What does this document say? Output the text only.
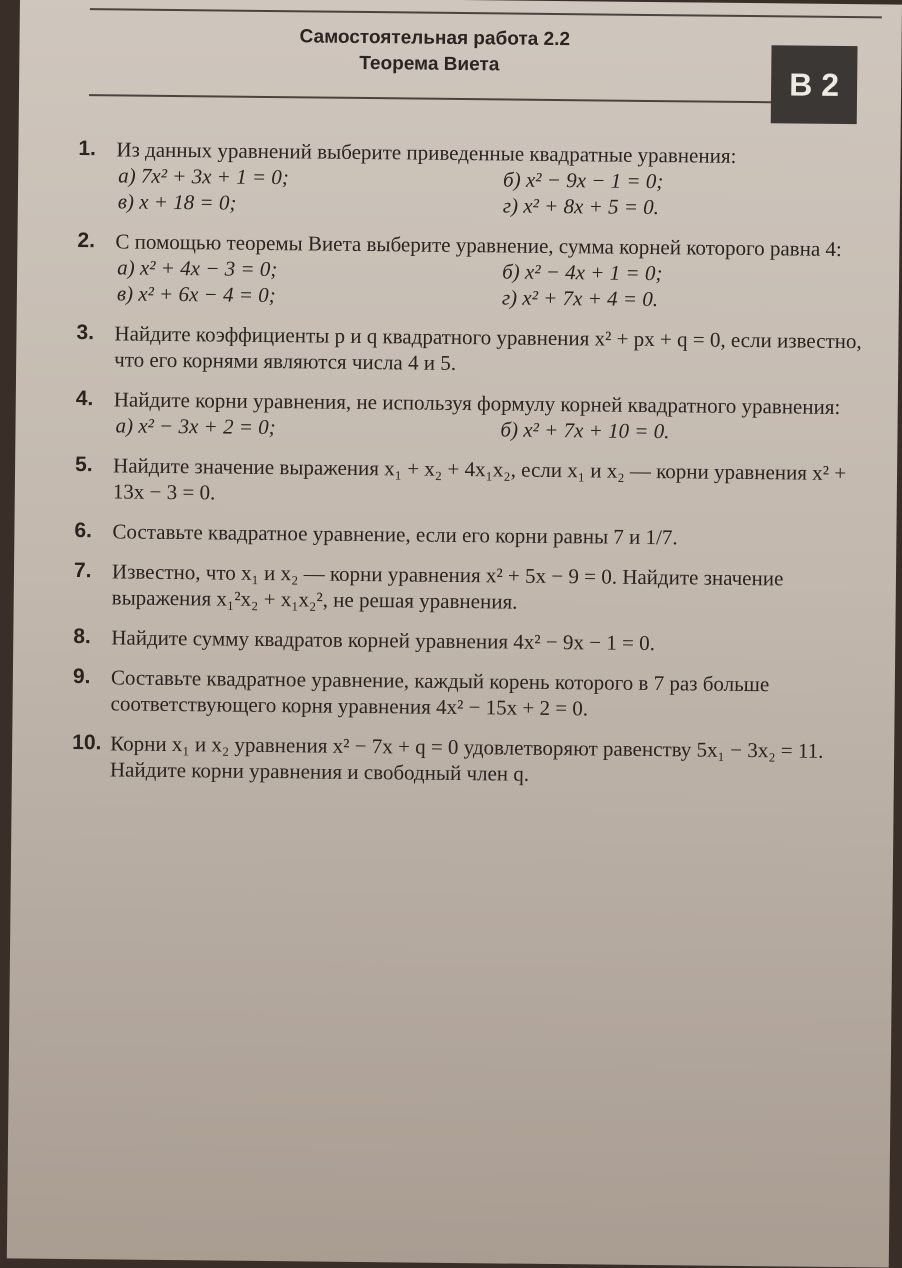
Самостоятельная работа 2.2
Теорема Виета
В 2
1. Из данных уравнений выберите приведенные квадратные уравнения:
а) 7x² + 3x + 1 = 0;	б) x² − 9x − 1 = 0;
в) x + 18 = 0;	г) x² + 8x + 5 = 0.
2. С помощью теоремы Виета выберите уравнение, сумма корней которого равна 4:
а) x² + 4x − 3 = 0;	б) x² − 4x + 1 = 0;
в) x² + 6x − 4 = 0;	г) x² + 7x + 4 = 0.
3. Найдите коэффициенты p и q квадратного уравнения x² + px + q = 0, если известно, что его корнями являются числа 4 и 5.
4. Найдите корни уравнения, не используя формулу корней квадратного уравнения:
а) x² − 3x + 2 = 0;	б) x² + 7x + 10 = 0.
5. Найдите значение выражения x₁ + x₂ + 4x₁x₂, если x₁ и x₂ — корни уравнения x² + 13x − 3 = 0.
6. Составьте квадратное уравнение, если его корни равны 7 и 1/7.
7. Известно, что x₁ и x₂ — корни уравнения x² + 5x − 9 = 0. Найдите значение выражения x₁²x₂ + x₁x₂², не решая уравнения.
8. Найдите сумму квадратов корней уравнения 4x² − 9x − 1 = 0.
9. Составьте квадратное уравнение, каждый корень которого в 7 раз больше соответствующего корня уравнения 4x² − 15x + 2 = 0.
10. Корни x₁ и x₂ уравнения x² − 7x + q = 0 удовлетворяют равенству 5x₁ − 3x₂ = 11. Найдите корни уравнения и свободный член q.
